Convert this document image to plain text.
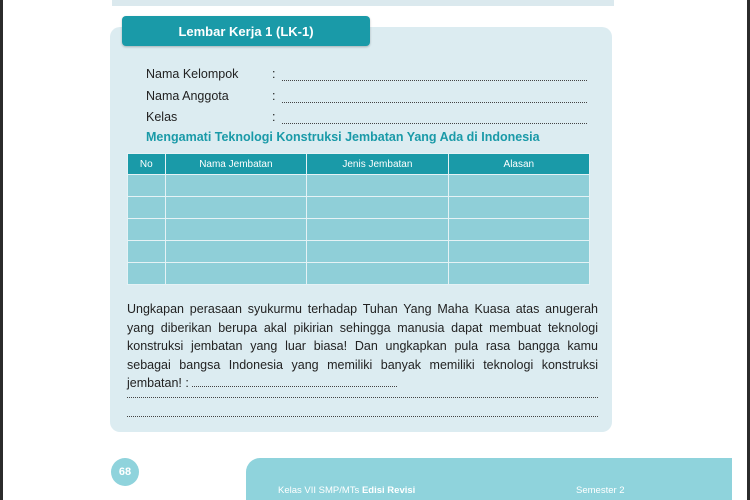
Lembar Kerja 1 (LK-1)
Nama Kelompok	:
Nama Anggota	:
Kelas	:
Mengamati Teknologi Konstruksi Jembatan Yang Ada di Indonesia
No	Nama Jembatan	Jenis Jembatan	Alasan

Ungkapan perasaan syukurmu terhadap Tuhan Yang Maha Kuasa atas anugerah yang diberikan berupa akal pikirian sehingga manusia dapat membuat teknologi konstruksi jembatan yang luar biasa! Dan ungkapkan pula rasa bangga kamu sebagai bangsa Indonesia yang memiliki banyak memiliki teknologi konstruksi jembatan! :
68
Kelas VII SMP/MTs Edisi Revisi	Semester 2
